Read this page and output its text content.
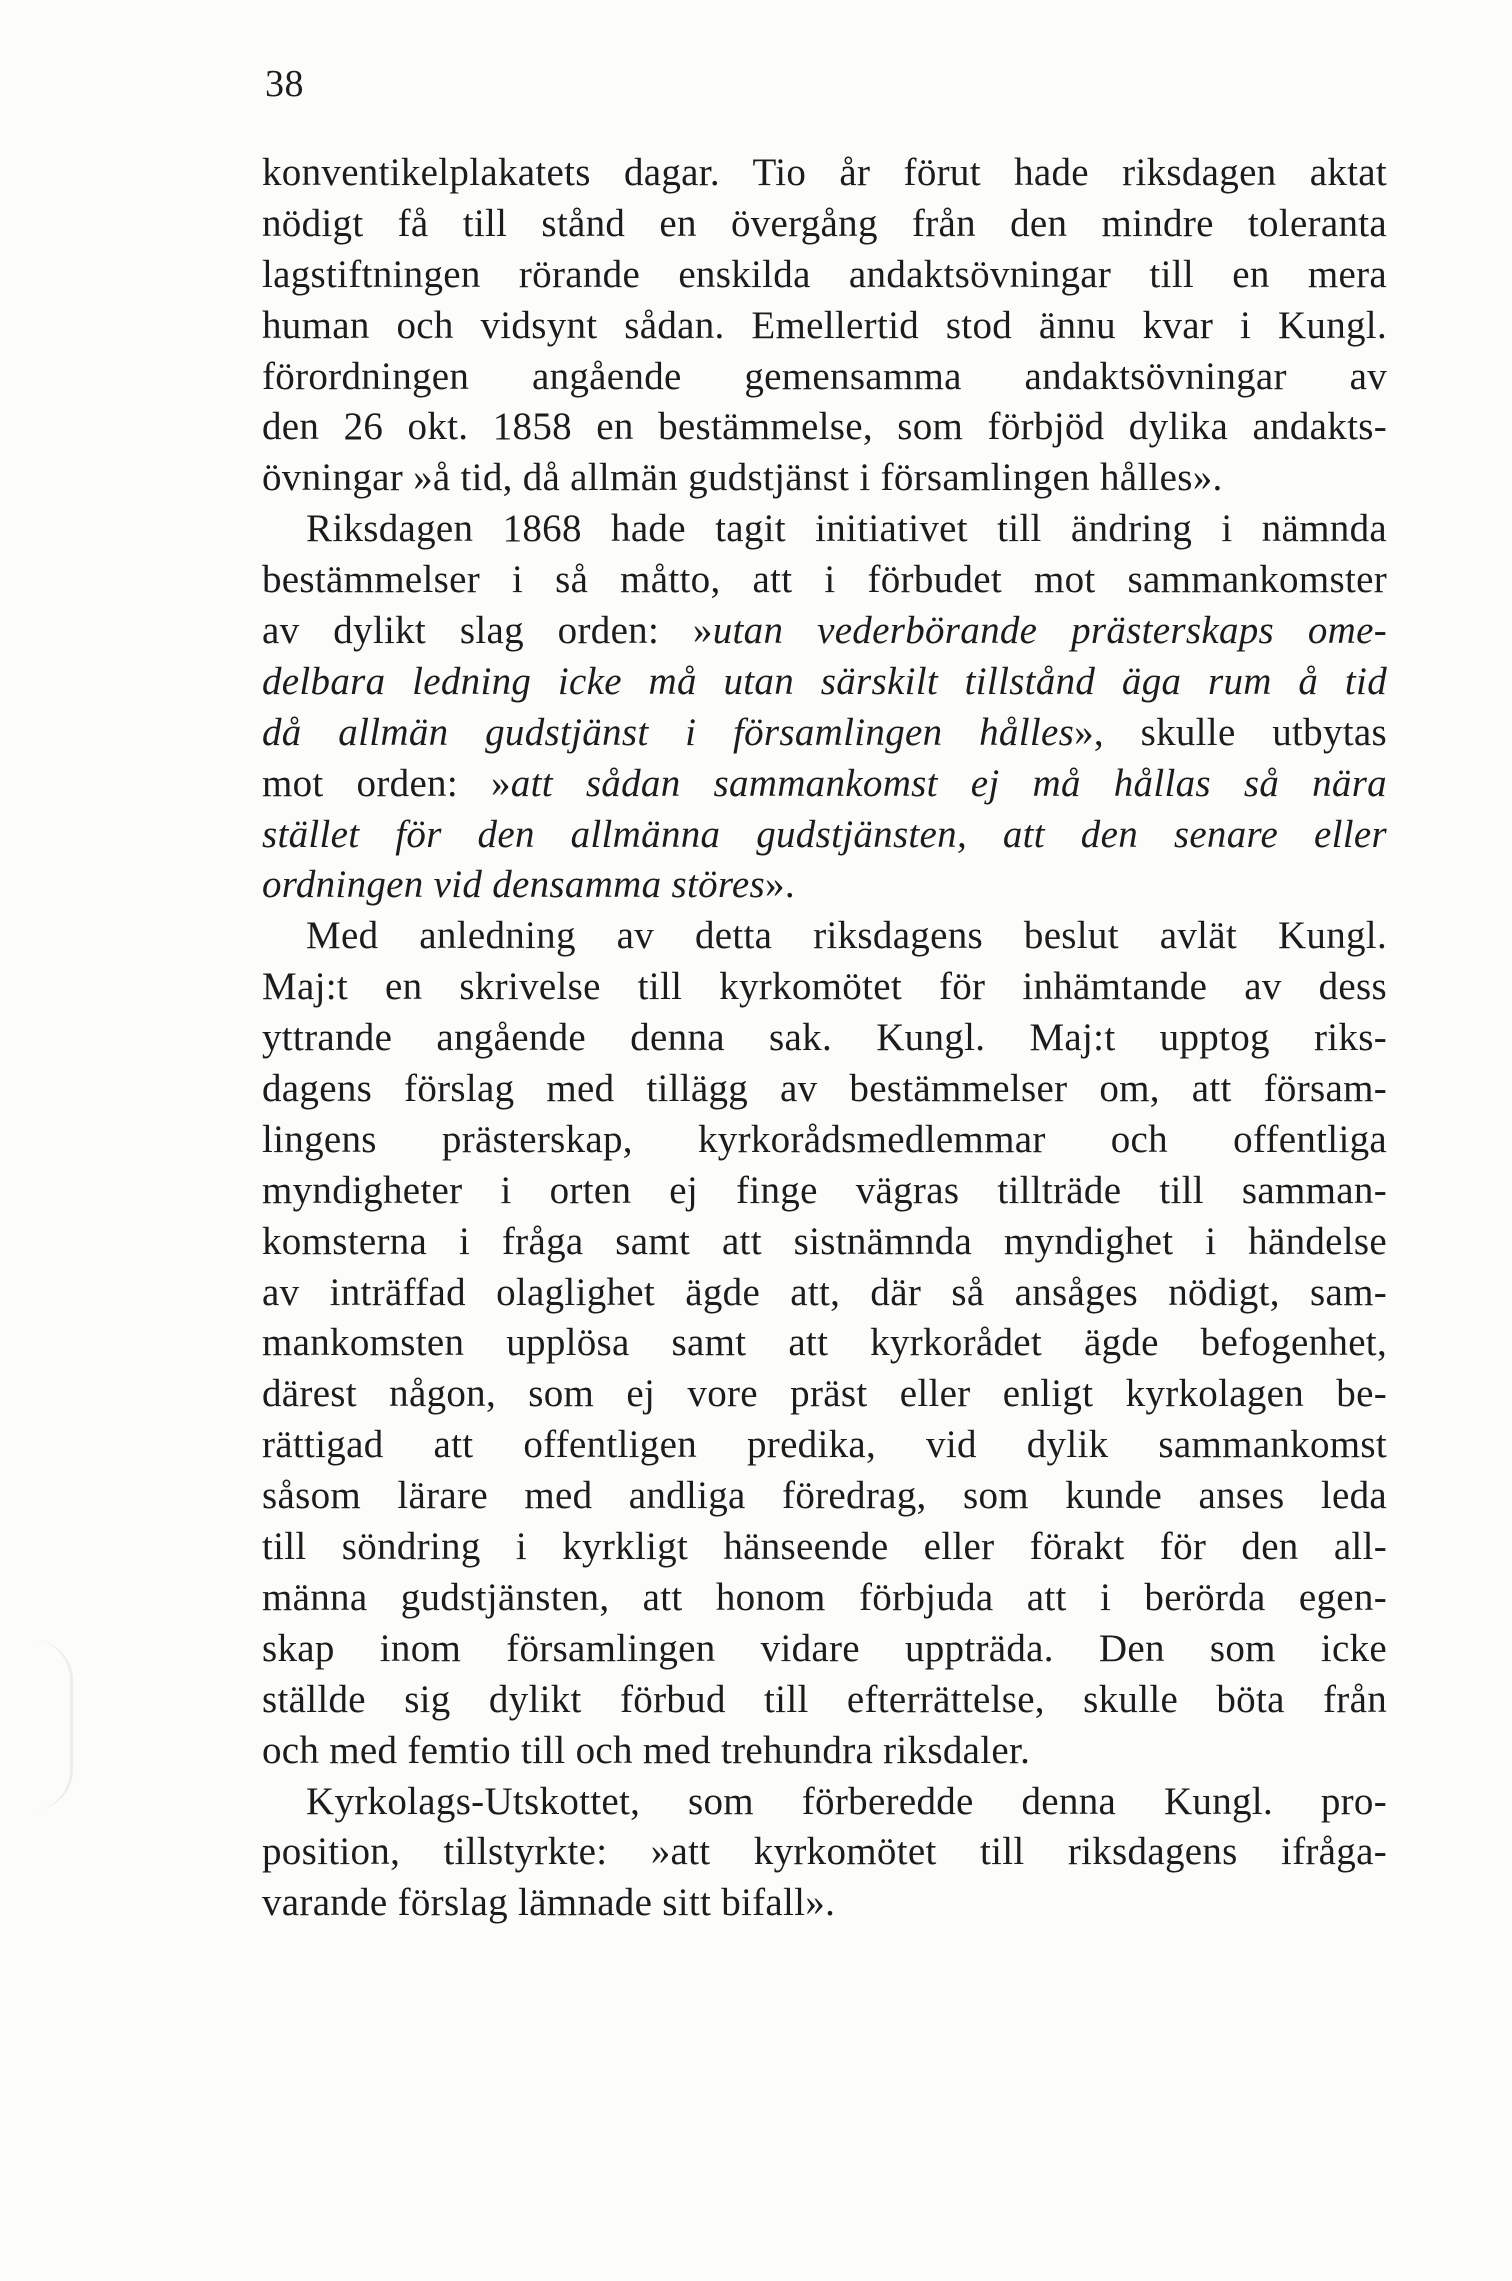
38
konventikelplakatets dagar. Tio år förut hade riksdagen aktat
nödigt få till stånd en övergång från den mindre toleranta
lagstiftningen rörande enskilda andaktsövningar till en mera
human och vidsynt sådan. Emellertid stod ännu kvar i Kungl.
förordningen angående gemensamma andaktsövningar av
den 26 okt. 1858 en bestämmelse, som förbjöd dylika andakts-
övningar »å tid, då allmän gudstjänst i församlingen hålles».
Riksdagen 1868 hade tagit initiativet till ändring i nämnda
bestämmelser i så måtto, att i förbudet mot sammankomster
av dylikt slag orden: »utan vederbörande prästerskaps ome-
delbara ledning icke må utan särskilt tillstånd äga rum å tid
då allmän gudstjänst i församlingen hålles», skulle utbytas
mot orden: »att sådan sammankomst ej må hållas så nära
stället för den allmänna gudstjänsten, att den senare eller
ordningen vid densamma störes».
Med anledning av detta riksdagens beslut avlät Kungl.
Maj:t en skrivelse till kyrkomötet för inhämtande av dess
yttrande angående denna sak. Kungl. Maj:t upptog riks-
dagens förslag med tillägg av bestämmelser om, att försam-
lingens prästerskap, kyrkorådsmedlemmar och offentliga
myndigheter i orten ej finge vägras tillträde till samman-
komsterna i fråga samt att sistnämnda myndighet i händelse
av inträffad olaglighet ägde att, där så ansåges nödigt, sam-
mankomsten upplösa samt att kyrkorådet ägde befogenhet,
därest någon, som ej vore präst eller enligt kyrkolagen be-
rättigad att offentligen predika, vid dylik sammankomst
såsom lärare med andliga föredrag, som kunde anses leda
till söndring i kyrkligt hänseende eller förakt för den all-
männa gudstjänsten, att honom förbjuda att i berörda egen-
skap inom församlingen vidare uppträda. Den som icke
ställde sig dylikt förbud till efterrättelse, skulle böta från
och med femtio till och med trehundra riksdaler.
Kyrkolags-Utskottet, som förberedde denna Kungl. pro-
position, tillstyrkte: »att kyrkomötet till riksdagens ifråga-
varande förslag lämnade sitt bifall».
